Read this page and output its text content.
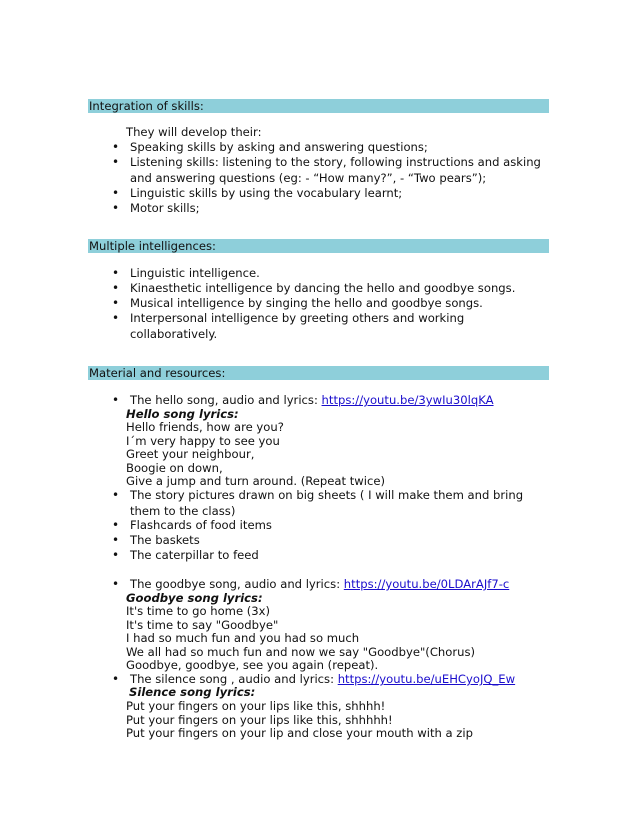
Integration of skills:
They will develop their:
• Speaking skills by asking and answering questions;
• Listening skills: listening to the story, following instructions and asking
and answering questions (eg: - “How many?”, - “Two pears”);
• Linguistic skills by using the vocabulary learnt;
• Motor skills;
Multiple intelligences:
• Linguistic intelligence.
• Kinaesthetic intelligence by dancing the hello and goodbye songs.
• Musical intelligence by singing the hello and goodbye songs.
• Interpersonal intelligence by greeting others and working
collaboratively.
Material and resources:
• The hello song, audio and lyrics: https://youtu.be/3ywIu30lqKA
Hello song lyrics:
Hello friends, how are you?
I´m very happy to see you
Greet your neighbour,
Boogie on down,
Give a jump and turn around. (Repeat twice)
• The story pictures drawn on big sheets ( I will make them and bring
them to the class)
• Flashcards of food items
• The baskets
• The caterpillar to feed
• The goodbye song, audio and lyrics: https://youtu.be/0LDArAJf7-c
Goodbye song lyrics:
It's time to go home (3x)
It's time to say "Goodbye"
I had so much fun and you had so much
We all had so much fun and now we say "Goodbye"(Chorus)
Goodbye, goodbye, see you again (repeat).
• The silence song , audio and lyrics: https://youtu.be/uEHCyoJQ_Ew
Silence song lyrics:
Put your fingers on your lips like this, shhhh!
Put your fingers on your lips like this, shhhhh!
Put your fingers on your lip and close your mouth with a zip
